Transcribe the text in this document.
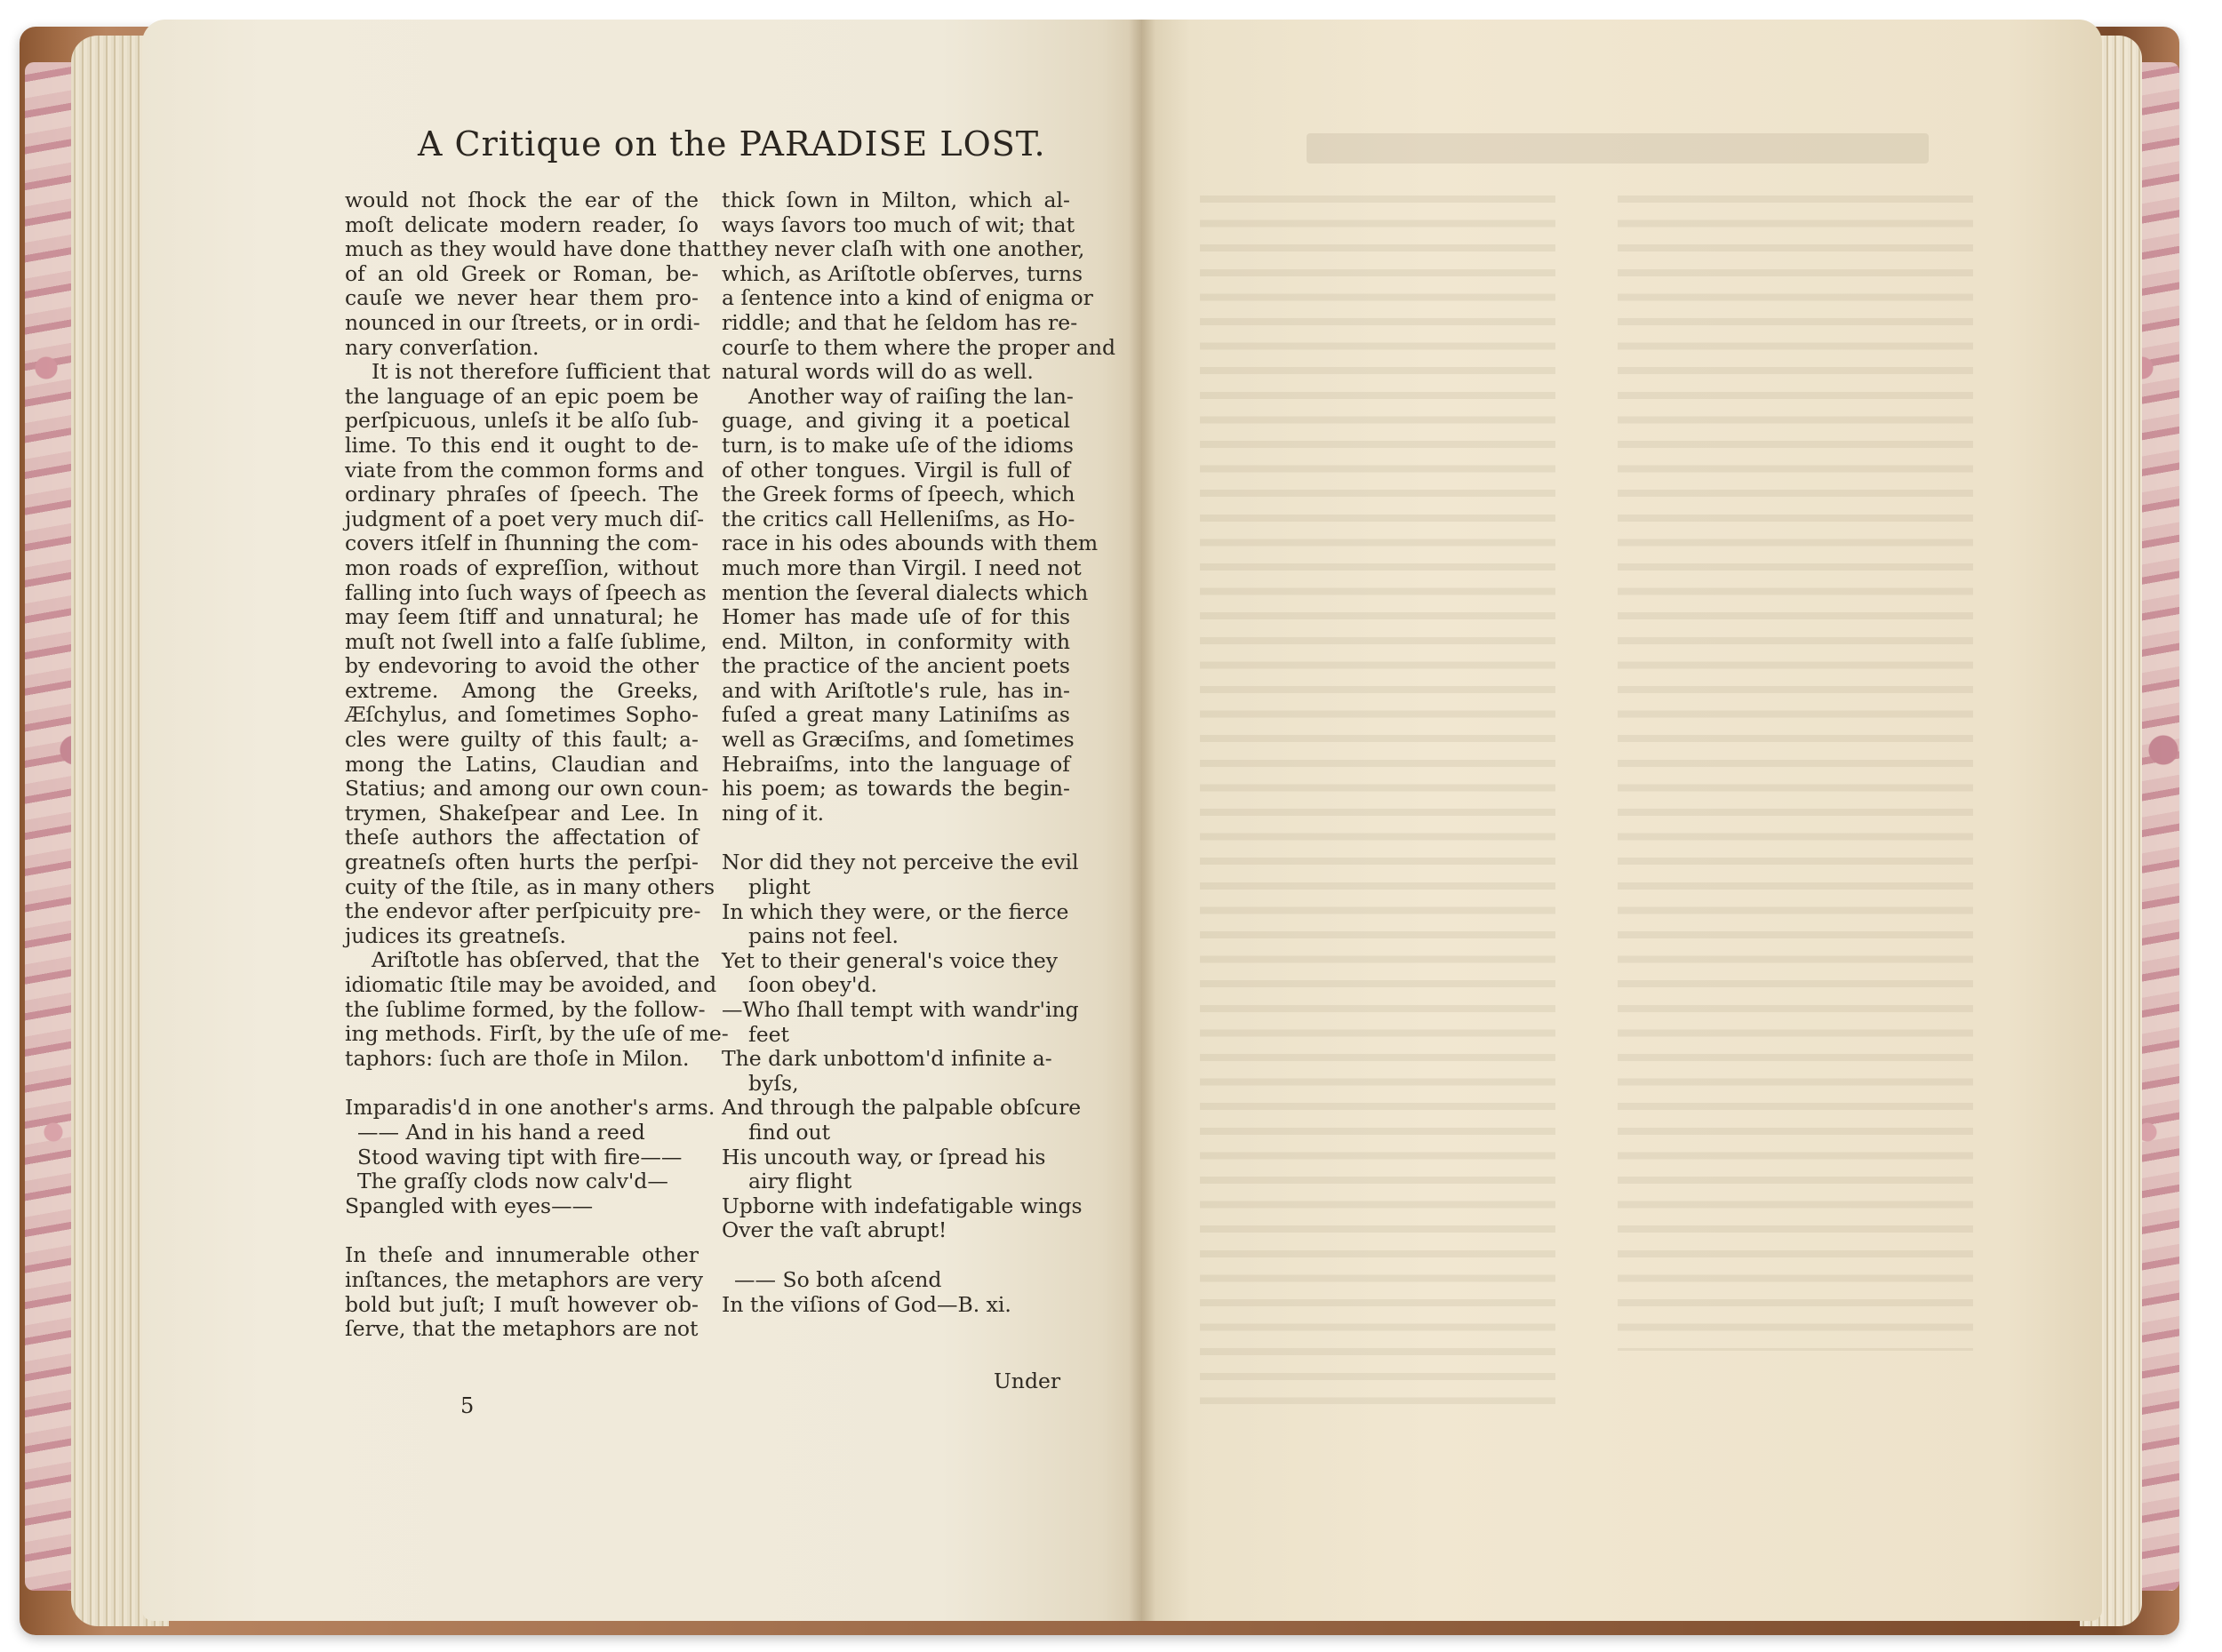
A Critique on the PARADISE LOST.
would not ſhock the ear of the
moſt delicate modern reader, ſo
much as they would have done that
of an old Greek or Roman, be-
cauſe we never hear them pro-
nounced in our ſtreets, or in ordi-
nary converſation.
It is not therefore ſufficient that
the language of an epic poem be
perſpicuous, unleſs it be alſo ſub-
lime. To this end it ought to de-
viate from the common forms and
ordinary phraſes of ſpeech. The
judgment of a poet very much diſ-
covers itſelf in ſhunning the com-
mon roads of expreſſion, without
falling into ſuch ways of ſpeech as
may ſeem ſtiff and unnatural; he
muſt not ſwell into a falſe ſublime,
by endevoring to avoid the other
extreme. Among the Greeks,
Æſchylus, and ſometimes Sopho-
cles were guilty of this fault; a-
mong the Latins, Claudian and
Statius; and among our own coun-
trymen, Shakeſpear and Lee. In
theſe authors the affectation of
greatneſs often hurts the perſpi-
cuity of the ſtile, as in many others
the endevor after perſpicuity pre-
judices its greatneſs.
Ariſtotle has obſerved, that the
idiomatic ſtile may be avoided, and
the ſublime formed, by the follow-
ing methods. Firſt, by the uſe of me-
taphors: ſuch are thoſe in Milon.
Imparadis'd in one another's arms.
—— And in his hand a reed
Stood waving tipt with fire——
The graſſy clods now calv'd—
Spangled with eyes——
In theſe and innumerable other
inſtances, the metaphors are very
bold but juſt; I muſt however ob-
ſerve, that the metaphors are not
thick ſown in Milton, which al-
ways ſavors too much of wit; that
they never claſh with one another,
which, as Ariſtotle obſerves, turns
a ſentence into a kind of enigma or
riddle; and that he ſeldom has re-
courſe to them where the proper and
natural words will do as well.
Another way of raiſing the lan-
guage, and giving it a poetical
turn, is to make uſe of the idioms
of other tongues. Virgil is full of
the Greek forms of ſpeech, which
the critics call Helleniſms, as Ho-
race in his odes abounds with them
much more than Virgil. I need not
mention the ſeveral dialects which
Homer has made uſe of for this
end. Milton, in conformity with
the practice of the ancient poets
and with Ariſtotle's rule, has in-
fuſed a great many Latiniſms as
well as Græciſms, and ſometimes
Hebraiſms, into the language of
his poem; as towards the begin-
ning of it.
Nor did they not perceive the evil
plight
In which they were, or the fierce
pains not feel.
Yet to their general's voice they
ſoon obey'd.
—Who ſhall tempt with wandr'ing
feet
The dark unbottom'd infinite a-
byſs,
And through the palpable obſcure
find out
His uncouth way, or ſpread his
airy flight
Upborne with indefatigable wings
Over the vaſt abrupt!
—— So both aſcend
In the viſions of God—B. xi.
Under
5
